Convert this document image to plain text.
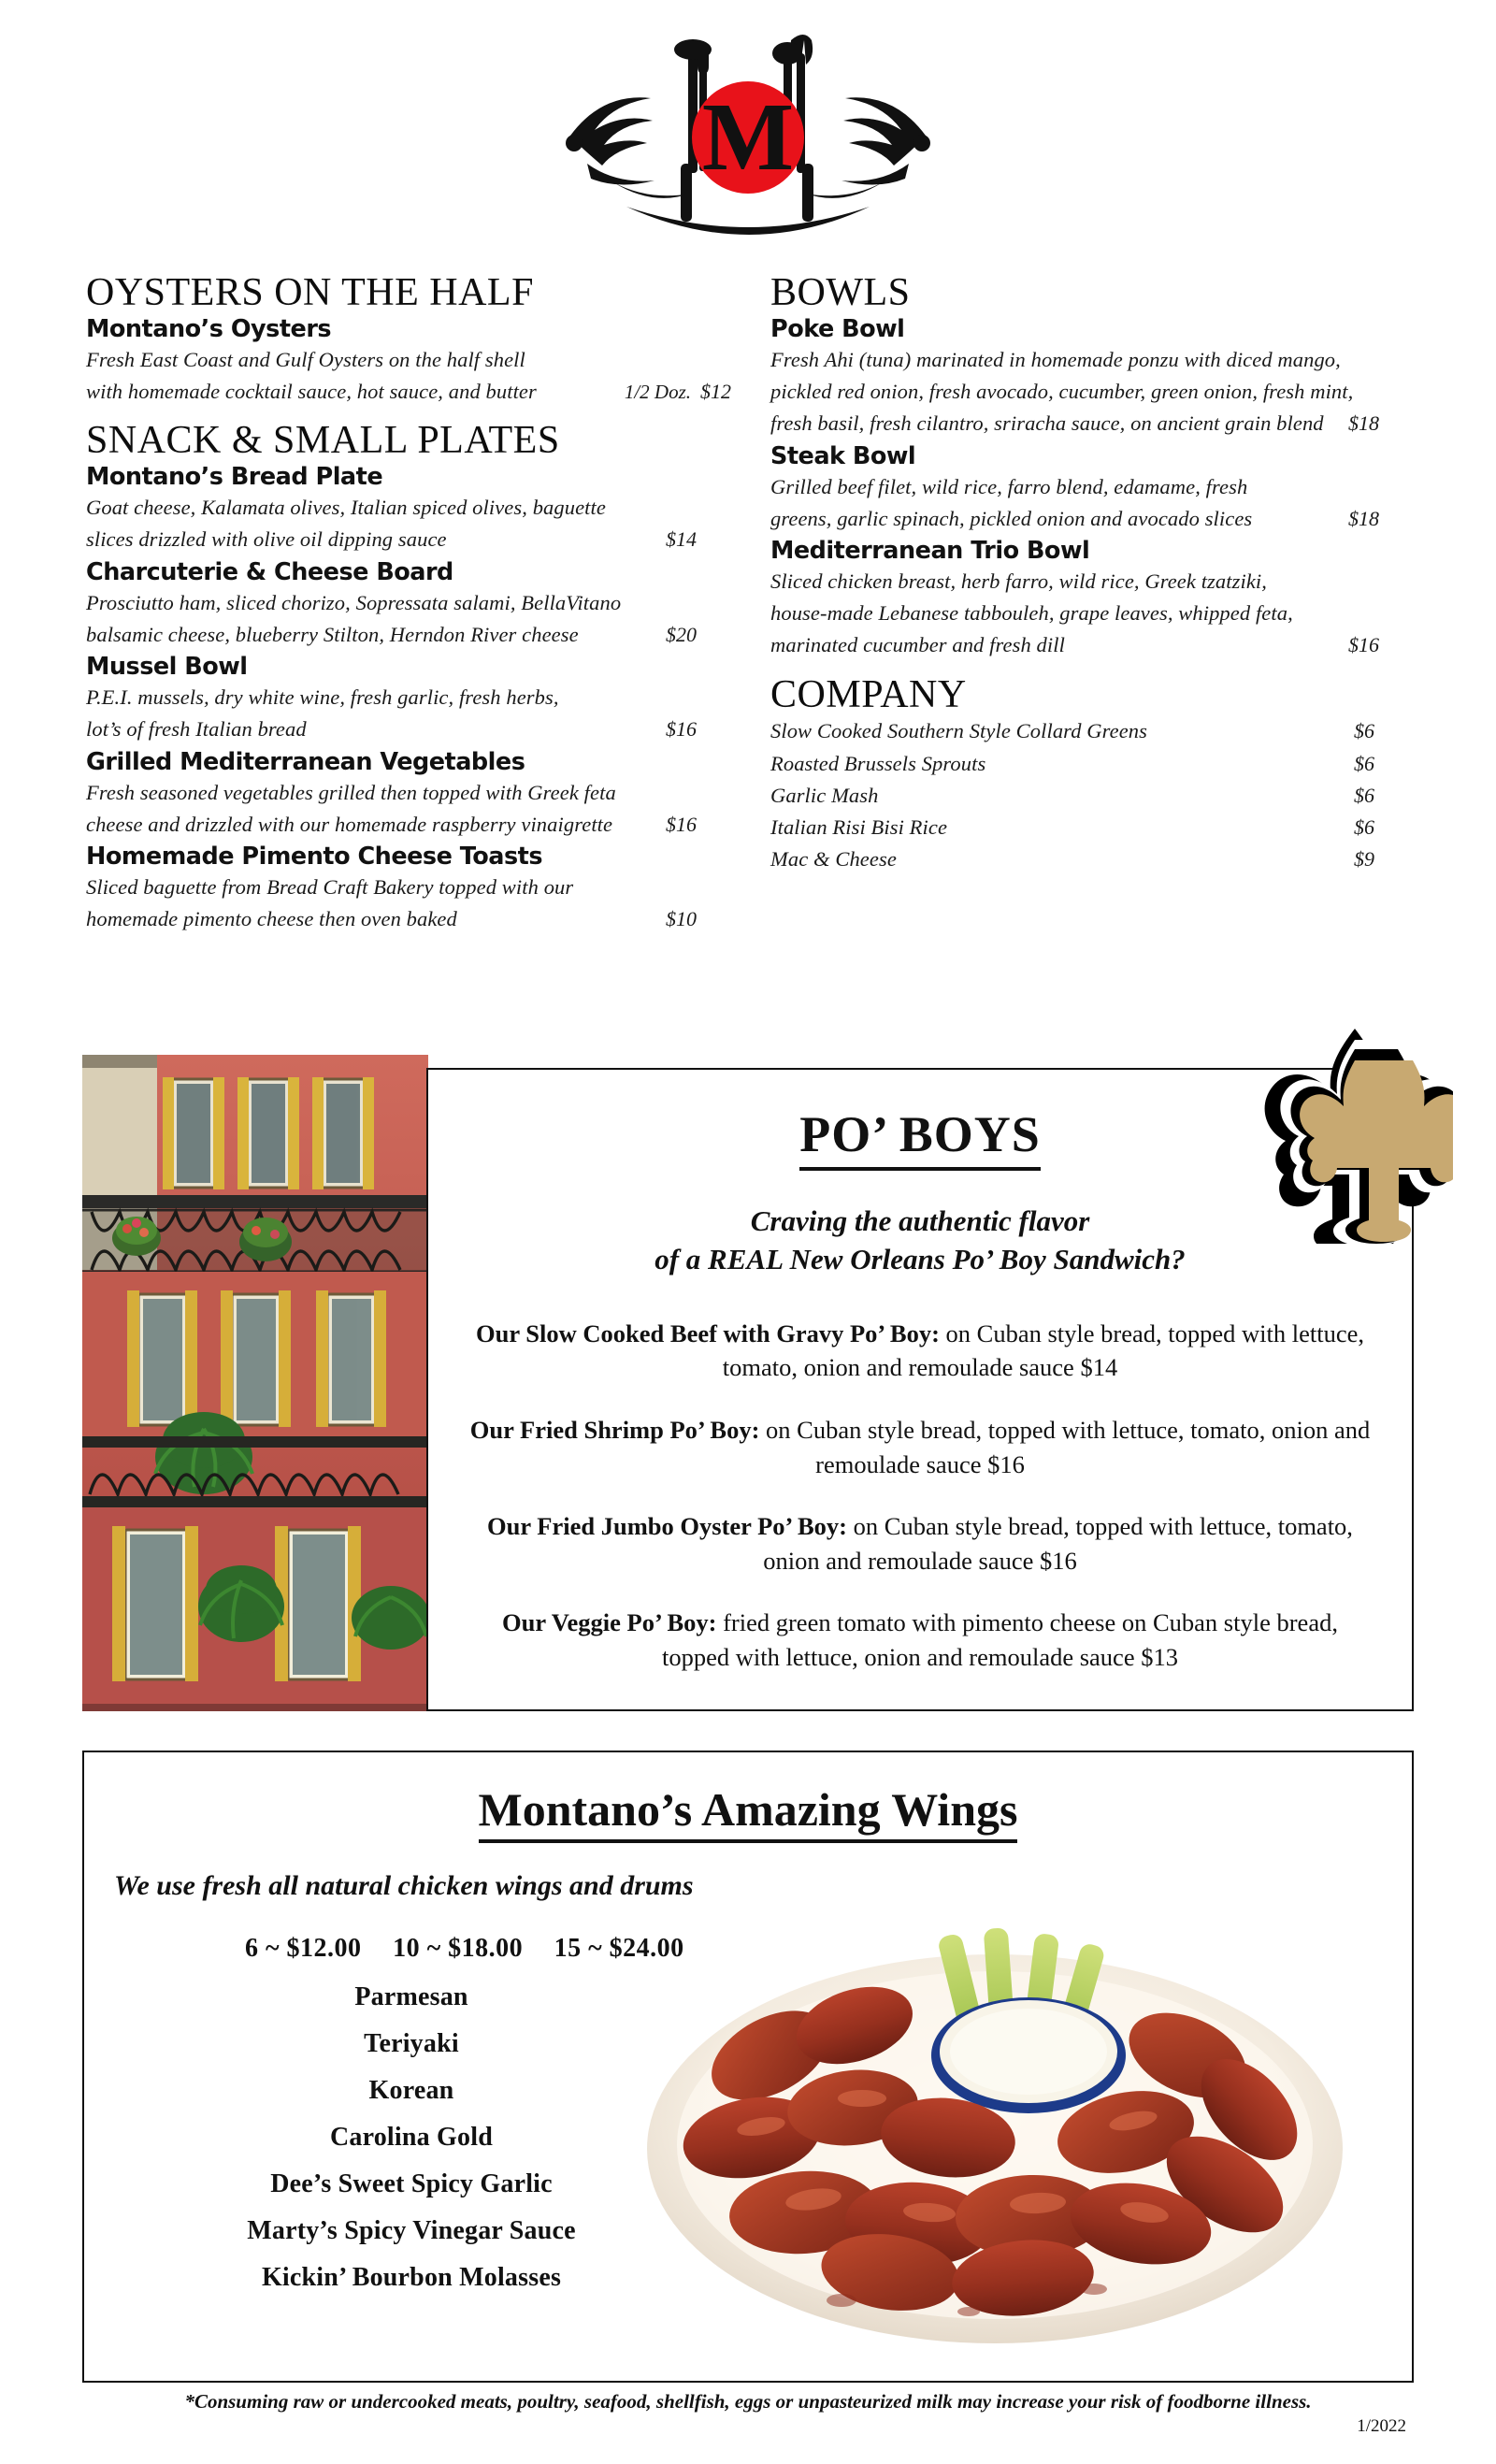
M
OYSTERS ON THE HALF
Montano’s Oysters
Fresh East Coast and Gulf Oysters on the half shell
with homemade cocktail sauce, hot sauce, and butter	1/2 Doz. $12
SNACK & SMALL PLATES
Montano’s Bread Plate
Goat cheese, Kalamata olives, Italian spiced olives, baguette
slices drizzled with olive oil dipping sauce	$14
Charcuterie & Cheese Board
Prosciutto ham, sliced chorizo, Sopressata salami, BellaVitano
balsamic cheese, blueberry Stilton, Herndon River cheese	$20
Mussel Bowl
P.E.I. mussels, dry white wine, fresh garlic, fresh herbs,
lot’s of fresh Italian bread	$16
Grilled Mediterranean Vegetables
Fresh seasoned vegetables grilled then topped with Greek feta
cheese and drizzled with our homemade raspberry vinaigrette	$16
Homemade Pimento Cheese Toasts
Sliced baguette from Bread Craft Bakery topped with our
homemade pimento cheese then oven baked	$10
BOWLS
Poke Bowl
Fresh Ahi (tuna) marinated in homemade ponzu with diced mango,
pickled red onion, fresh avocado, cucumber, green onion, fresh mint,
fresh basil, fresh cilantro, sriracha sauce, on ancient grain blend	$18
Steak Bowl
Grilled beef filet, wild rice, farro blend, edamame, fresh
greens, garlic spinach, pickled onion and avocado slices	$18
Mediterranean Trio Bowl
Sliced chicken breast, herb farro, wild rice, Greek tzatziki,
house-made Lebanese tabbouleh, grape leaves, whipped feta,
marinated cucumber and fresh dill	$16
COMPANY
Slow Cooked Southern Style Collard Greens	$6
Roasted Brussels Sprouts	$6
Garlic Mash	$6
Italian Risi Bisi Rice	$6
Mac & Cheese	$9
PO’ BOYS
Craving the authentic flavor
of a REAL New Orleans Po’ Boy Sandwich?
Our Slow Cooked Beef with Gravy Po’ Boy: on Cuban style bread, topped with lettuce, tomato, onion and remoulade sauce $14
Our Fried Shrimp Po’ Boy: on Cuban style bread, topped with lettuce, tomato, onion and remoulade sauce $16
Our Fried Jumbo Oyster Po’ Boy: on Cuban style bread, topped with lettuce, tomato, onion and remoulade sauce $16
Our Veggie Po’ Boy: fried green tomato with pimento cheese on Cuban style bread, topped with lettuce, onion and remoulade sauce $13
Montano’s Amazing Wings
We use fresh all natural chicken wings and drums
6 ~ $12.00 10 ~ $18.00 15 ~ $24.00
Parmesan
Teriyaki
Korean
Carolina Gold
Dee’s Sweet Spicy Garlic
Marty’s Spicy Vinegar Sauce
Kickin’ Bourbon Molasses
*Consuming raw or undercooked meats, poultry, seafood, shellfish, eggs or unpasteurized milk may increase your risk of foodborne illness.
1/2022
